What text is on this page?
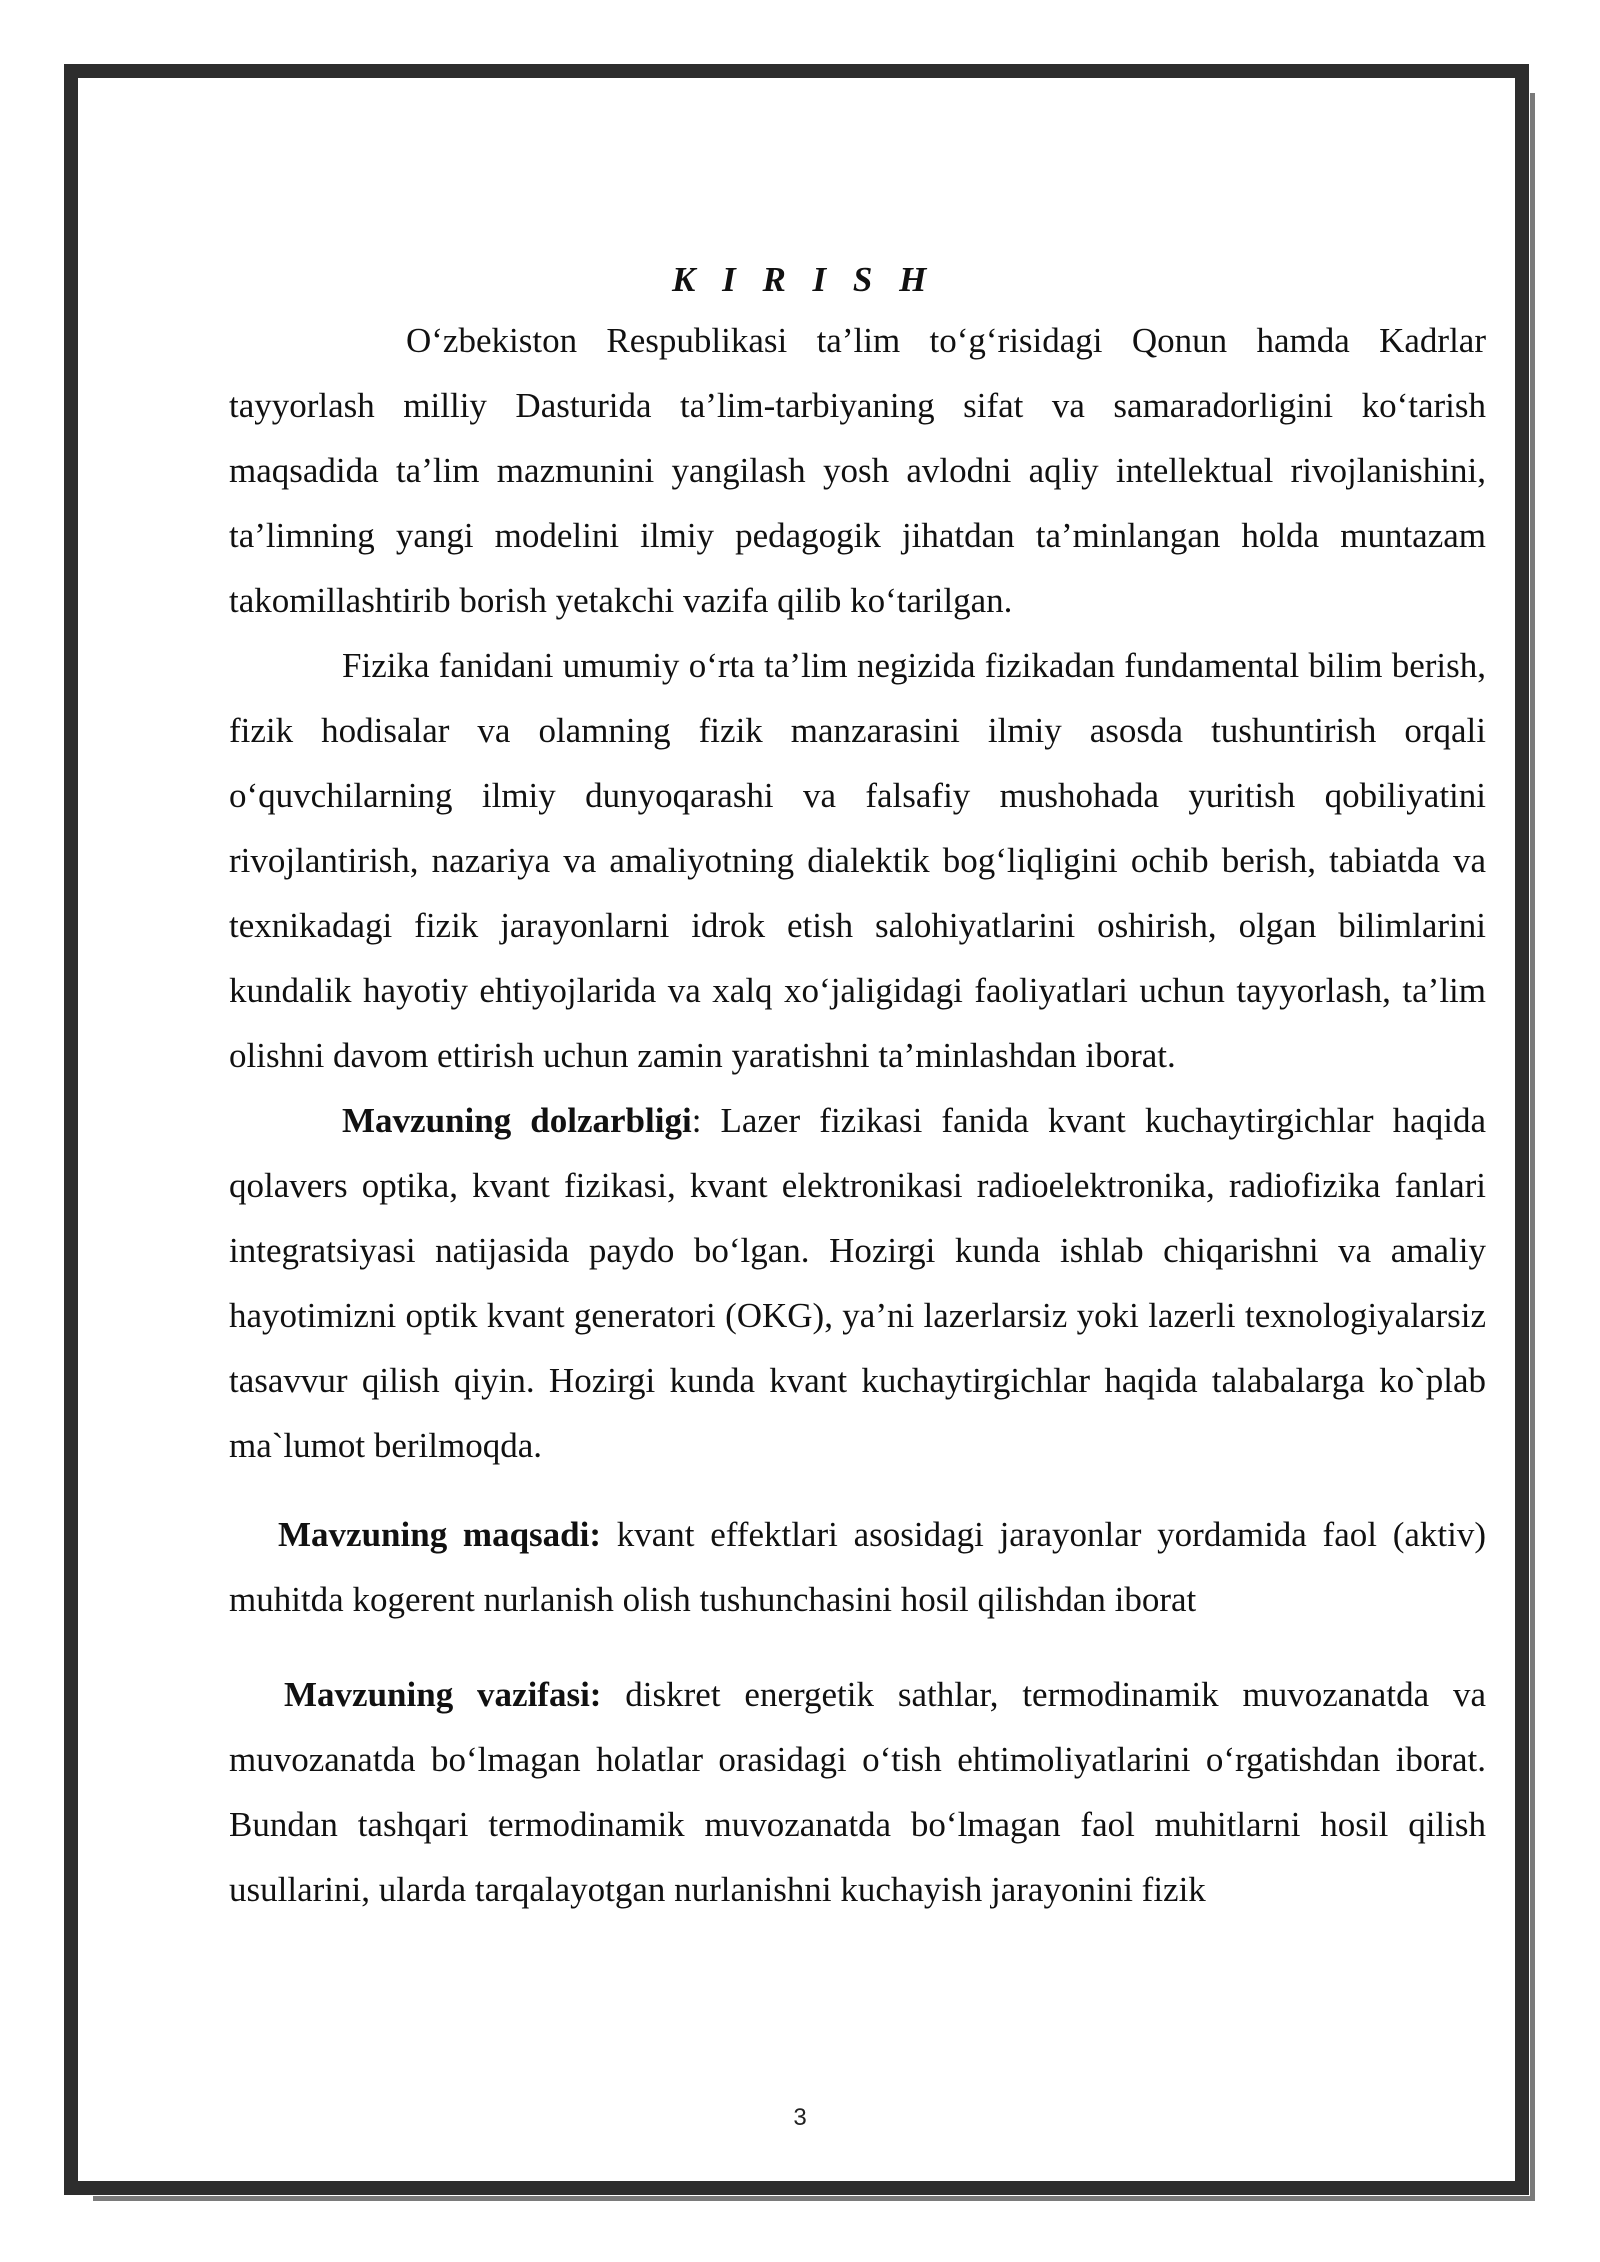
K I R I S H

O‘zbekiston Respublikasi ta’lim to‘g‘risidagi Qonun hamda Kadrlar tayyorlash milliy Dasturida ta’lim-tarbiyaning sifat va samaradorligini ko‘tarish maqsadida ta’lim mazmunini yangilash yosh avlodni aqliy intellektual rivojlanishini, ta’limning yangi modelini ilmiy pedagogik jihatdan ta’minlangan holda muntazam takomillashtirib borish yetakchi vazifa qilib ko‘tarilgan.

Fizika fanidani umumiy o‘rta ta’lim negizida fizikadan fundamental bilim berish, fizik hodisalar va olamning fizik manzarasini ilmiy asosda tushuntirish orqali o‘quvchilarning ilmiy dunyoqarashi va falsafiy mushohada yuritish qobiliyatini rivojlantirish, nazariya va amaliyotning dialektik bog‘liqligini ochib berish, tabiatda va texnikadagi fizik jarayonlarni idrok etish salohiyatlarini oshirish, olgan bilimlarini kundalik hayotiy ehtiyojlarida va xalq xo‘jaligidagi faoliyatlari uchun tayyorlash, ta’lim olishni davom ettirish uchun zamin yaratishni ta’minlashdan iborat.

Mavzuning dolzarbligi: Lazer fizikasi fanida kvant kuchaytirgichlar haqida qolavers optika, kvant fizikasi, kvant elektronikasi radioelektronika, radiofizika fanlari integratsiyasi natijasida paydo bo‘lgan. Hozirgi kunda ishlab chiqarishni va amaliy hayotimizni optik kvant generatori (OKG), ya’ni lazerlarsiz yoki lazerli texnologiyalarsiz tasavvur qilish qiyin. Hozirgi kunda kvant kuchaytirgichlar haqida talabalarga ko`plab ma`lumot berilmoqda.

Mavzuning maqsadi: kvant effektlari asosidagi jarayonlar yordamida faol (aktiv) muhitda kogerent nurlanish olish tushunchasini hosil qilishdan iborat

Mavzuning vazifasi: diskret energetik sathlar, termodinamik muvozanatda va muvozanatda bo‘lmagan holatlar orasidagi o‘tish ehtimoliyatlarini o‘rgatishdan iborat. Bundan tashqari termodinamik muvozanatda bo‘lmagan faol muhitlarni hosil qilish usullarini, ularda tarqalayotgan nurlanishni kuchayish jarayonini fizik

3
